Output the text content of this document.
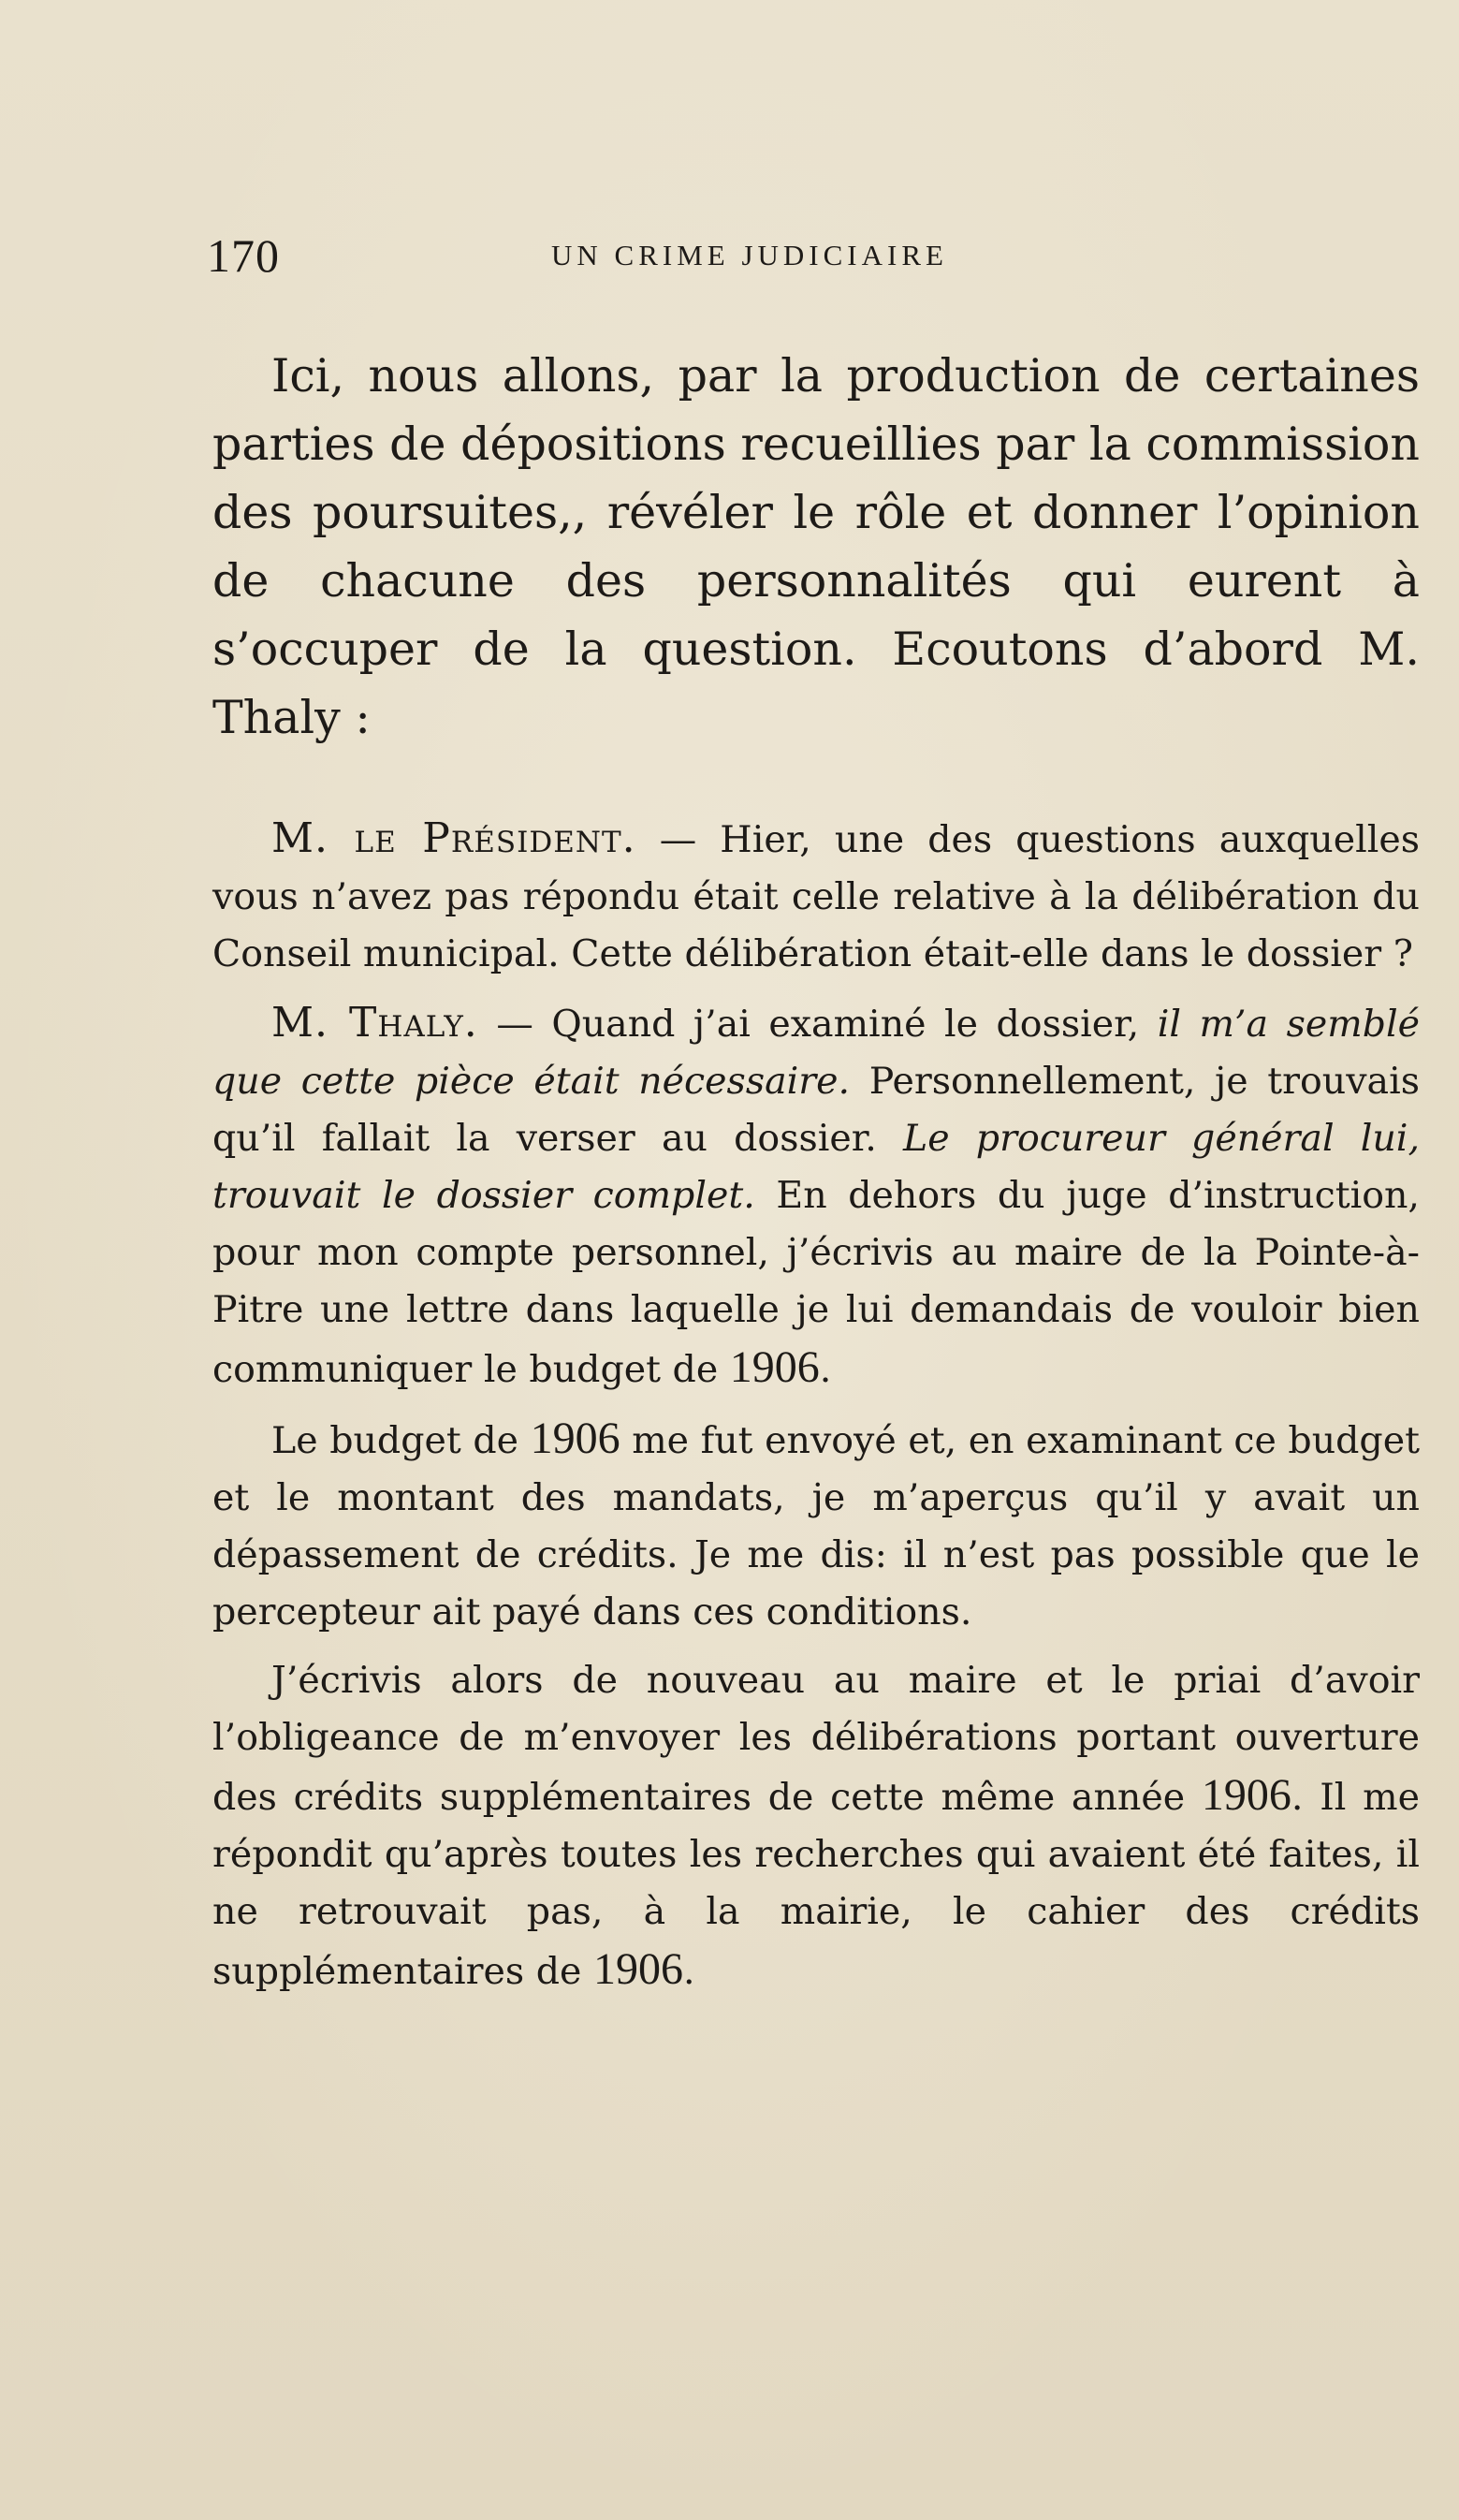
170	UN CRIME JUDICIAIRE

Ici, nous allons, par la production de certaines parties de dépositions recueillies par la commission des poursuites,, révéler le rôle et donner l’opinion de chacune des personnalités qui eurent à s’occuper de la question. Ecoutons d’abord M. Thaly :

M. le Président. — Hier, une des questions auxquelles vous n’avez pas répondu était celle relative à la délibération du Conseil municipal. Cette délibération était-elle dans le dossier ?

M. Thaly. — Quand j’ai examiné le dossier, il m’a semblé que cette pièce était nécessaire. Personnellement, je trouvais qu’il fallait la verser au dossier. Le procureur général lui, trouvait le dossier complet. En dehors du juge d’instruction, pour mon compte personnel, j’écrivis au maire de la Pointe-à-Pitre une lettre dans laquelle je lui demandais de vouloir bien communiquer le budget de 1906.

Le budget de 1906 me fut envoyé et, en examinant ce budget et le montant des mandats, je m’aperçus qu’il y avait un dépassement de crédits. Je me dis: il n’est pas possible que le percepteur ait payé dans ces conditions.

J’écrivis alors de nouveau au maire et le priai d’avoir l’obligeance de m’envoyer les délibérations portant ouverture des crédits supplémentaires de cette même année 1906. Il me répondit qu’après toutes les recherches qui avaient été faites, il ne retrouvait pas, à la mairie, le cahier des crédits supplémentaires de 1906.
